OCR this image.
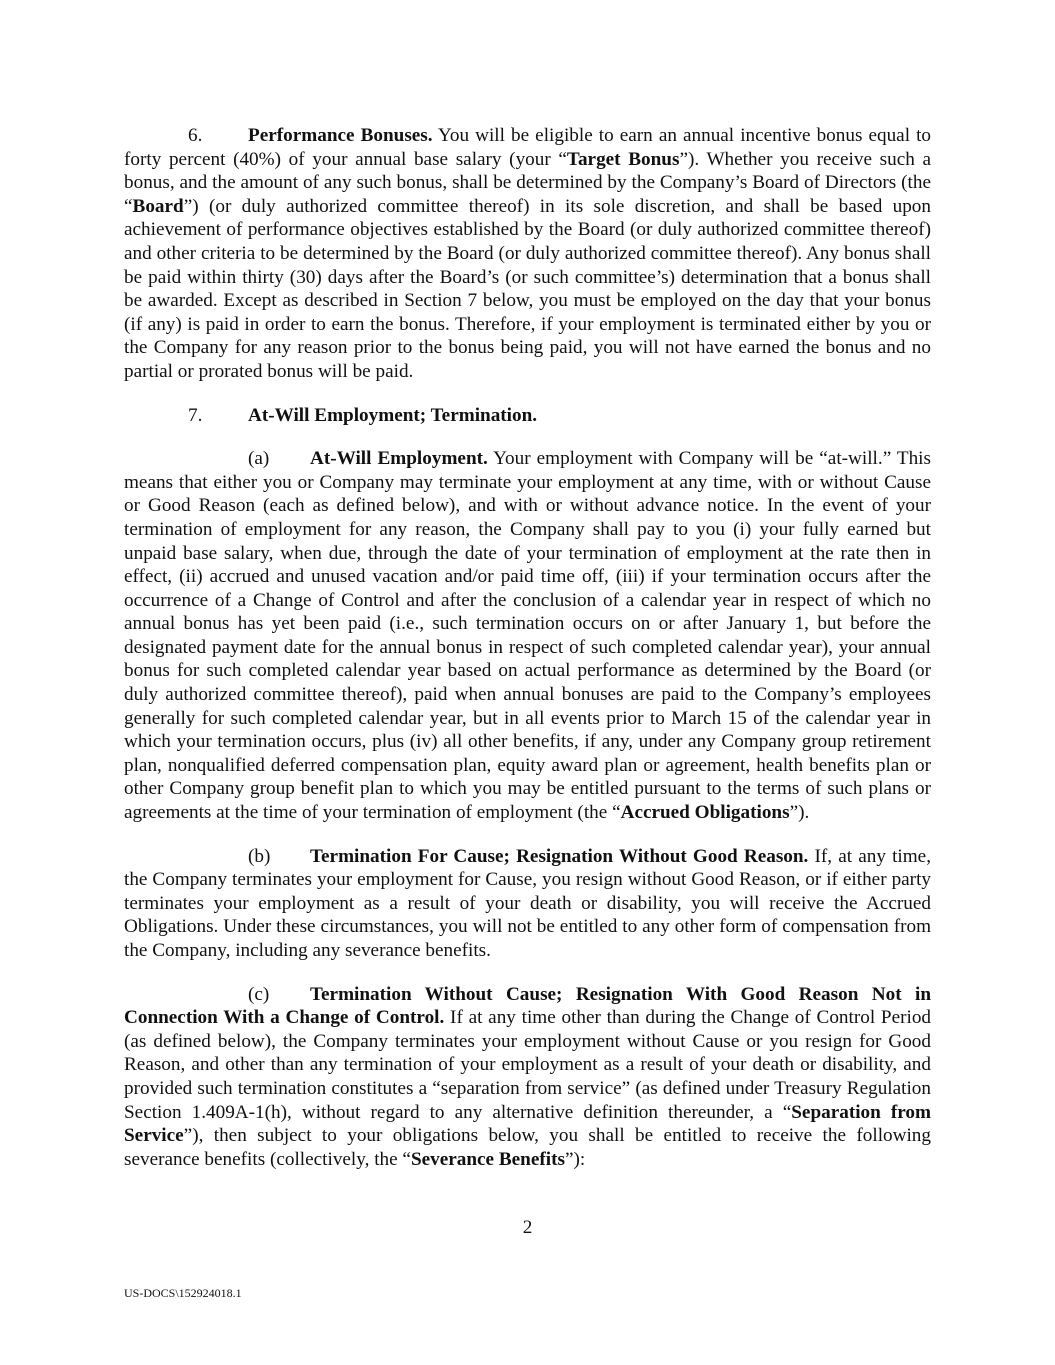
6. Performance Bonuses. You will be eligible to earn an annual incentive bonus equal to forty percent (40%) of your annual base salary (your “Target Bonus”). Whether you receive such a bonus, and the amount of any such bonus, shall be determined by the Company’s Board of Directors (the “Board”) (or duly authorized committee thereof) in its sole discretion, and shall be based upon achievement of performance objectives established by the Board (or duly authorized committee thereof) and other criteria to be determined by the Board (or duly authorized committee thereof). Any bonus shall be paid within thirty (30) days after the Board’s (or such committee’s) determination that a bonus shall be awarded. Except as described in Section 7 below, you must be employed on the day that your bonus (if any) is paid in order to earn the bonus. Therefore, if your employment is terminated either by you or the Company for any reason prior to the bonus being paid, you will not have earned the bonus and no partial or prorated bonus will be paid.

7. At-Will Employment; Termination.

(a) At-Will Employment. Your employment with Company will be “at-will.” This means that either you or Company may terminate your employment at any time, with or without Cause or Good Reason (each as defined below), and with or without advance notice. In the event of your termination of employment for any reason, the Company shall pay to you (i) your fully earned but unpaid base salary, when due, through the date of your termination of employment at the rate then in effect, (ii) accrued and unused vacation and/or paid time off, (iii) if your termination occurs after the occurrence of a Change of Control and after the conclusion of a calendar year in respect of which no annual bonus has yet been paid (i.e., such termination occurs on or after January 1, but before the designated payment date for the annual bonus in respect of such completed calendar year), your annual bonus for such completed calendar year based on actual performance as determined by the Board (or duly authorized committee thereof), paid when annual bonuses are paid to the Company’s employees generally for such completed calendar year, but in all events prior to March 15 of the calendar year in which your termination occurs, plus (iv) all other benefits, if any, under any Company group retirement plan, nonqualified deferred compensation plan, equity award plan or agreement, health benefits plan or other Company group benefit plan to which you may be entitled pursuant to the terms of such plans or agreements at the time of your termination of employment (the “Accrued Obligations”).

(b) Termination For Cause; Resignation Without Good Reason. If, at any time, the Company terminates your employment for Cause, you resign without Good Reason, or if either party terminates your employment as a result of your death or disability, you will receive the Accrued Obligations. Under these circumstances, you will not be entitled to any other form of compensation from the Company, including any severance benefits.

(c) Termination Without Cause; Resignation With Good Reason Not in Connection With a Change of Control. If at any time other than during the Change of Control Period (as defined below), the Company terminates your employment without Cause or you resign for Good Reason, and other than any termination of your employment as a result of your death or disability, and provided such termination constitutes a “separation from service” (as defined under Treasury Regulation Section 1.409A-1(h), without regard to any alternative definition thereunder, a “Separation from Service”), then subject to your obligations below, you shall be entitled to receive the following severance benefits (collectively, the “Severance Benefits”):

2
US-DOCS\152924018.1
